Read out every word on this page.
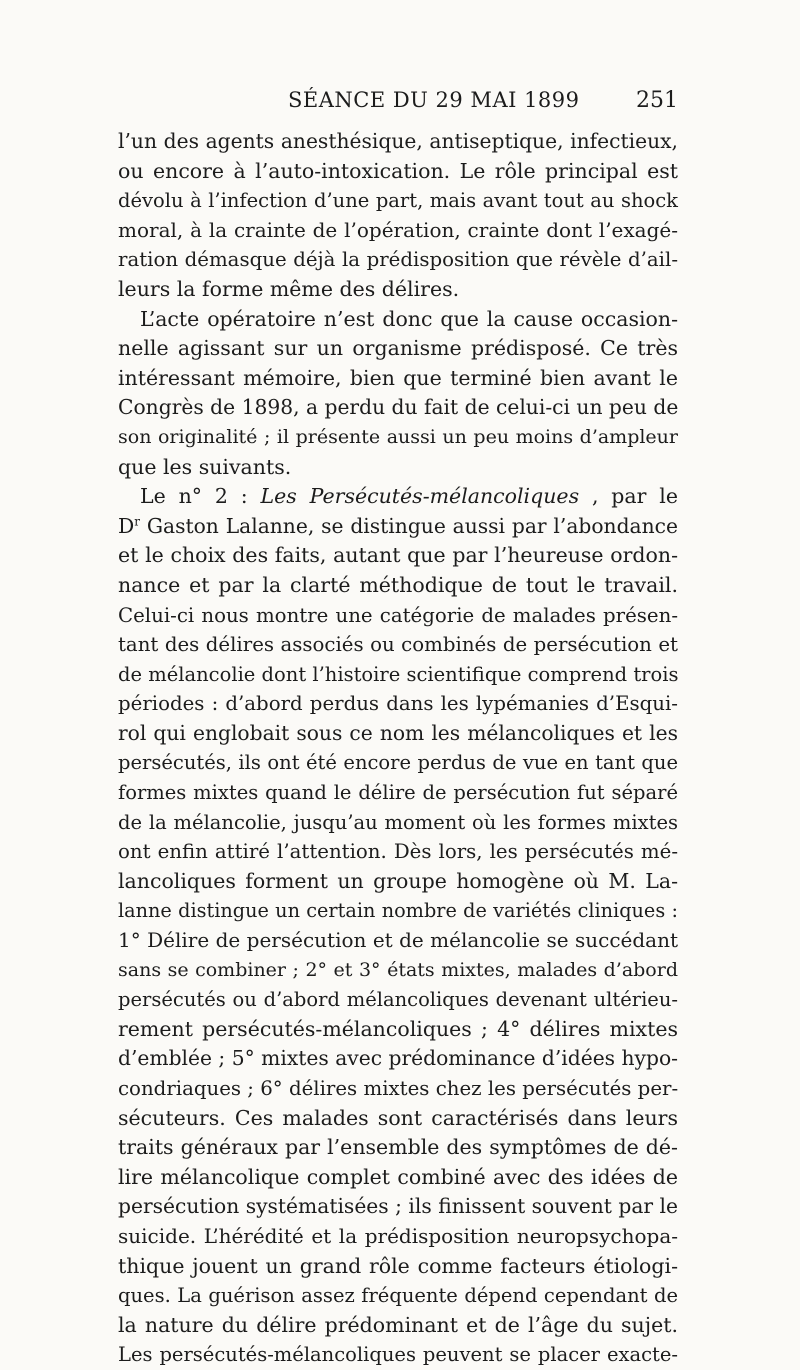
SÉANCE DU 29 MAI 1899	251
l’un des agents anesthésique, antiseptique, infectieux,
ou encore à l’auto-intoxication. Le rôle principal est
dévolu à l’infection d’une part, mais avant tout au shock
moral, à la crainte de l’opération, crainte dont l’exagé-
ration démasque déjà la prédisposition que révèle d’ail-
leurs la forme même des délires.
L’acte opératoire n’est donc que la cause occasion-
nelle agissant sur un organisme prédisposé. Ce très
intéressant mémoire, bien que terminé bien avant le
Congrès de 1898, a perdu du fait de celui-ci un peu de
son originalité ; il présente aussi un peu moins d’ampleur
que les suivants.
Le n° 2 : Les Persécutés-mélancoliques , par le
$D^r$ Gaston Lalanne, se distingue aussi par l’abondance
et le choix des faits, autant que par l’heureuse ordon-
nance et par la clarté méthodique de tout le travail.
Celui-ci nous montre une catégorie de malades présen-
tant des délires associés ou combinés de persécution et
de mélancolie dont l’histoire scientifique comprend trois
périodes : d’abord perdus dans les lypémanies d’Esqui-
rol qui englobait sous ce nom les mélancoliques et les
persécutés, ils ont été encore perdus de vue en tant que
formes mixtes quand le délire de persécution fut séparé
de la mélancolie, jusqu’au moment où les formes mixtes
ont enfin attiré l’attention. Dès lors, les persécutés mé-
lancoliques forment un groupe homogène où M. La-
lanne distingue un certain nombre de variétés cliniques :
1° Délire de persécution et de mélancolie se succédant
sans se combiner ; 2° et 3° états mixtes, malades d’abord
persécutés ou d’abord mélancoliques devenant ultérieu-
rement persécutés-mélancoliques ; 4° délires mixtes
d’emblée ; 5° mixtes avec prédominance d’idées hypo-
condriaques ; 6° délires mixtes chez les persécutés per-
sécuteurs. Ces malades sont caractérisés dans leurs
traits généraux par l’ensemble des symptômes de dé-
lire mélancolique complet combiné avec des idées de
persécution systématisées ; ils finissent souvent par le
suicide. L’hérédité et la prédisposition neuropsychopa-
thique jouent un grand rôle comme facteurs étiologi-
ques. La guérison assez fréquente dépend cependant de
la nature du délire prédominant et de l’âge du sujet.
Les persécutés-mélancoliques peuvent se placer exacte-
